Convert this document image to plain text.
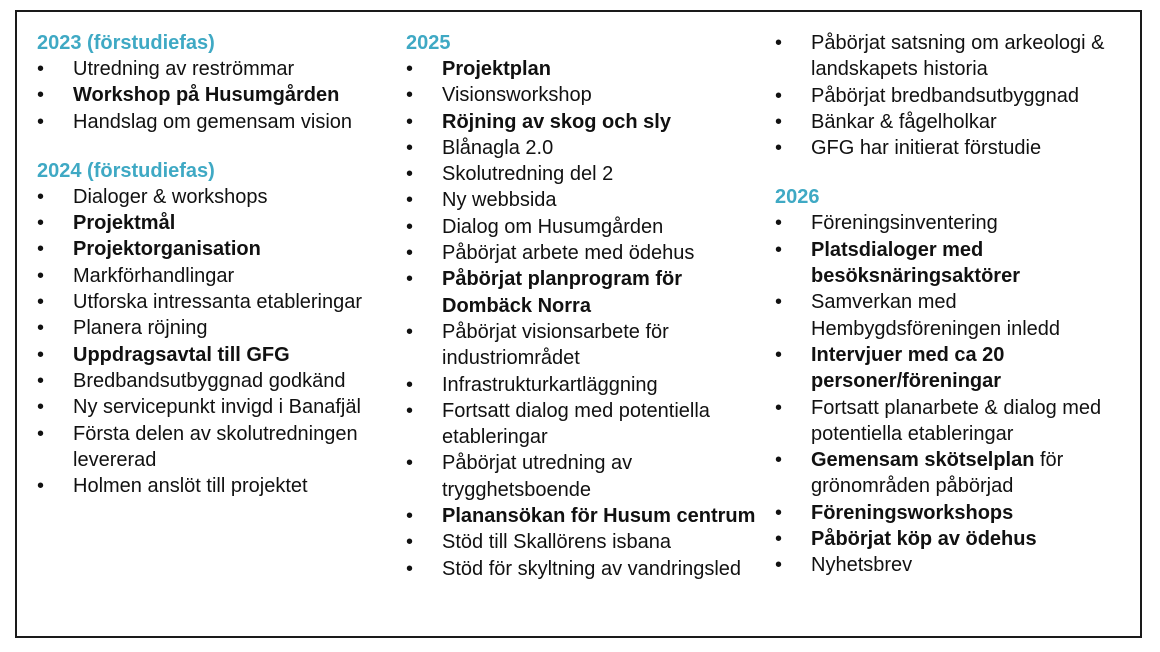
2023 (förstudiefas)
• Utredning av reströmmar
• Workshop på Husumgården
• Handslag om gemensam vision
2024 (förstudiefas)
• Dialoger & workshops
• Projektmål
• Projektorganisation
• Markförhandlingar
• Utforska intressanta etableringar
• Planera röjning
• Uppdragsavtal till GFG
• Bredbandsutbyggnad godkänd
• Ny servicepunkt invigd i Banafjäl
• Första delen av skolutredningen levererad
• Holmen anslöt till projektet
2025
• Projektplan
• Visionsworkshop
• Röjning av skog och sly
• Blånagla 2.0
• Skolutredning del 2
• Ny webbsida
• Dialog om Husumgården
• Påbörjat arbete med ödehus
• Påbörjat planprogram för Dombäck Norra
• Påbörjat visionsarbete för industriområdet
• Infrastrukturkartläggning
• Fortsatt dialog med potentiella etableringar
• Påbörjat utredning av trygghetsboende
• Planansökan för Husum centrum
• Stöd till Skallörens isbana
• Stöd för skyltning av vandringsled
• Påbörjat satsning om arkeologi & landskapets historia
• Påbörjat bredbandsutbyggnad
• Bänkar & fågelholkar
• GFG har initierat förstudie
2026
• Föreningsinventering
• Platsdialoger med besöksnäringsaktörer
• Samverkan med Hembygdsföreningen inledd
• Intervjuer med ca 20 personer/föreningar
• Fortsatt planarbete & dialog med potentiella etableringar
• Gemensam skötselplan för grönområden påbörjad
• Föreningsworkshops
• Påbörjat köp av ödehus
• Nyhetsbrev
